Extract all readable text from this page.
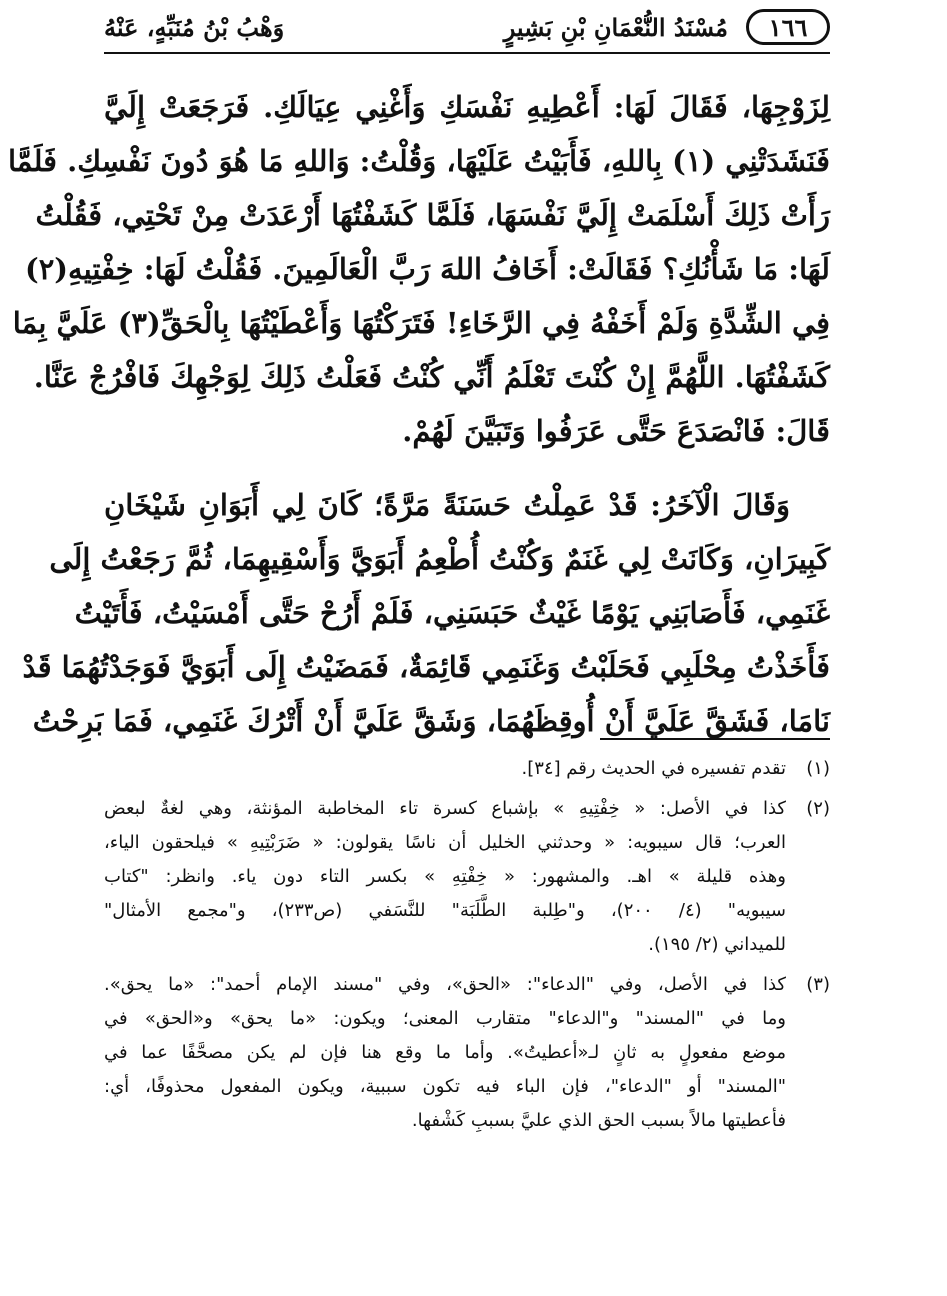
١٦٦
مُسْنَدُ النُّعْمَانِ بْنِ بَشِيرٍ
وَهْبُ بْنُ مُنَبِّهٍ، عَنْهُ
لِزَوْجِهَا، فَقَالَ لَهَا: أَعْطِيهِ نَفْسَكِ وَأَغْنِي عِيَالَكِ. فَرَجَعَتْ إِلَيَّ
فَنَشَدَتْنِي (١) بِاللهِ، فَأَبَيْتُ عَلَيْهَا، وَقُلْتُ: وَاللهِ مَا هُوَ دُونَ نَفْسِكِ. فَلَمَّا
رَأَتْ ذَلِكَ أَسْلَمَتْ إِلَيَّ نَفْسَهَا، فَلَمَّا كَشَفْتُهَا أَرْعَدَتْ مِنْ تَحْتِي، فَقُلْتُ
لَهَا: مَا شَأْنُكِ؟ فَقَالَتْ: أَخَافُ اللهَ رَبَّ الْعَالَمِينَ. فَقُلْتُ لَهَا: خِفْتِيهِ(٢)
فِي الشِّدَّةِ وَلَمْ أَخَفْهُ فِي الرَّخَاءِ! فَتَرَكْتُهَا وَأَعْطَيْتُهَا بِالْحَقِّ(٣) عَلَيَّ بِمَا
كَشَفْتُهَا. اللَّهُمَّ إِنْ كُنْتَ تَعْلَمُ أَنِّي كُنْتُ فَعَلْتُ ذَلِكَ لِوَجْهِكَ فَافْرُجْ عَنَّا.
قَالَ: فَانْصَدَعَ حَتَّى عَرَفُوا وَتَبَيَّنَ لَهُمْ.
وَقَالَ الْآخَرُ: قَدْ عَمِلْتُ حَسَنَةً مَرَّةً؛ كَانَ لِي أَبَوَانِ شَيْخَانِ
كَبِيرَانِ، وَكَانَتْ لِي غَنَمٌ وَكُنْتُ أُطْعِمُ أَبَوَيَّ وَأَسْقِيهِمَا، ثُمَّ رَجَعْتُ إِلَى
غَنَمِي، فَأَصَابَنِي يَوْمًا غَيْثٌ حَبَسَنِي، فَلَمْ أَرُحْ حَتَّى أَمْسَيْتُ، فَأَتَيْتُ
فَأَخَذْتُ مِحْلَبِي فَحَلَبْتُ وَغَنَمِي قَائِمَةٌ، فَمَضَيْتُ إِلَى أَبَوَيَّ فَوَجَدْتُهُمَا قَدْ
نَامَا، فَشَقَّ عَلَيَّ أَنْ أُوقِظَهُمَا، وَشَقَّ عَلَيَّ أَنْ أَتْرُكَ غَنَمِي، فَمَا بَرِحْتُ
(١)
تقدم تفسيره في الحديث رقم [٣٤].
(٢)
كذا في الأصل: « خِفْتِيهِ » بإشباع كسرة تاء المخاطبة المؤنثة، وهي لغةٌ لبعض
العرب؛ قال سيبويه: « وحدثني الخليل أن ناسًا يقولون: « ضَرَبْتِيهِ » فيلحقون الياء،
وهذه قليلة » اهـ. والمشهور: « خِفْتِهِ » بكسر التاء دون ياء. وانظر: "كتاب
سيبويه" (٤/ ٢٠٠)، و"طِلبة الطَّلَبَة" للنَّسَفي (ص٢٣٣)، و"مجمع الأمثال"
للميداني (٢/ ١٩٥).
(٣)
كذا في الأصل، وفي "الدعاء": «الحق»، وفي "مسند الإمام أحمد": «ما يحق».
وما في "المسند" و"الدعاء" متقارب المعنى؛ ويكون: «ما يحق» و«الحق» في
موضع مفعولٍ به ثانٍ لـ«أعطيتُ». وأما ما وقع هنا فإن لم يكن مصحَّفًا عما في
"المسند" أو "الدعاء"، فإن الباء فيه تكون سببية، ويكون المفعول محذوفًا، أي:
فأعطيتها مالاً بسبب الحق الذي عليَّ بسببِ كَشْفها.
